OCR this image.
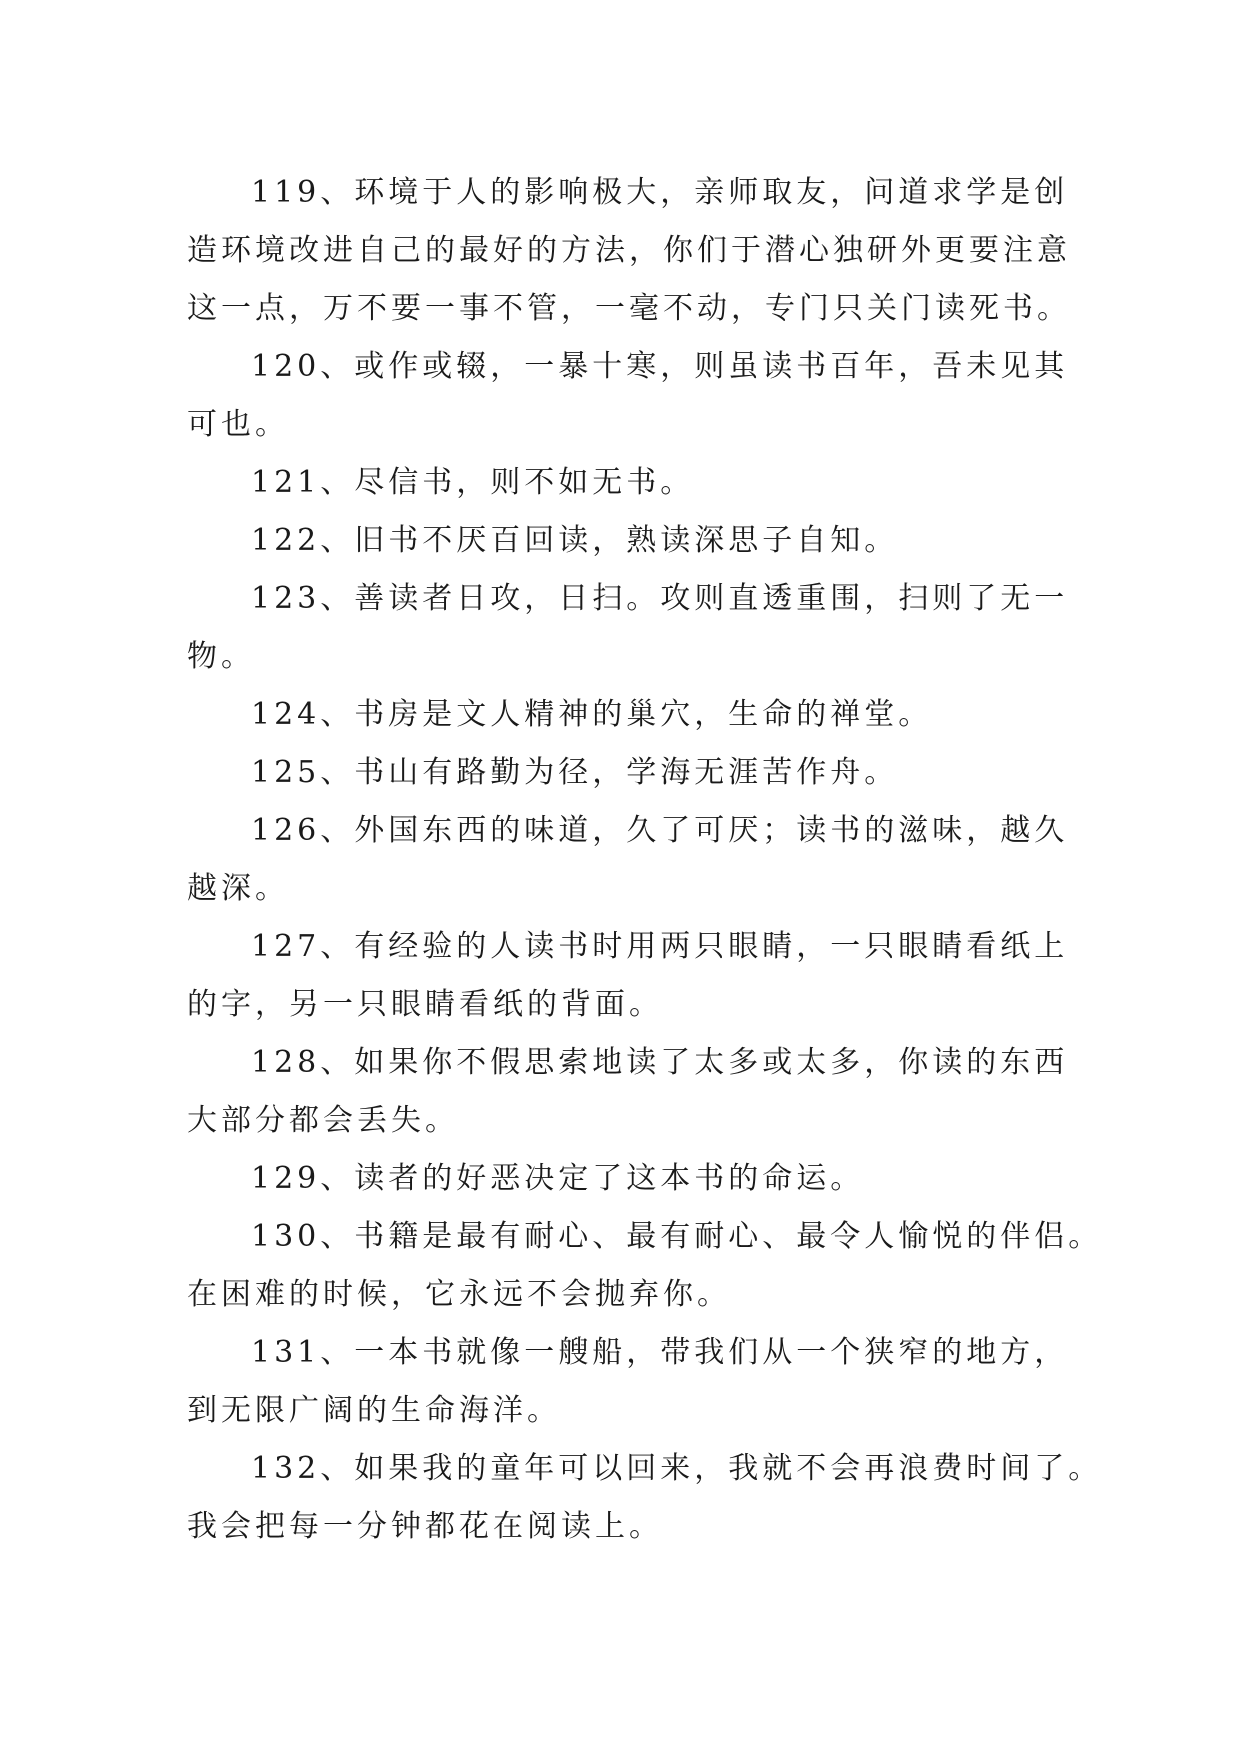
119、环境于人的影响极大，亲师取友，问道求学是创
造环境改进自己的最好的方法，你们于潜心独研外更要注意
这一点，万不要一事不管，一毫不动，专门只关门读死书。
120、或作或辍，一暴十寒，则虽读书百年，吾未见其
可也。
121、尽信书，则不如无书。
122、旧书不厌百回读，熟读深思子自知。
123、善读者日攻，日扫。攻则直透重围，扫则了无一
物。
124、书房是文人精神的巢穴，生命的禅堂。
125、书山有路勤为径，学海无涯苦作舟。
126、外国东西的味道，久了可厌；读书的滋味，越久
越深。
127、有经验的人读书时用两只眼睛，一只眼睛看纸上
的字，另一只眼睛看纸的背面。
128、如果你不假思索地读了太多或太多，你读的东西
大部分都会丢失。
129、读者的好恶决定了这本书的命运。
130、书籍是最有耐心、最有耐心、最令人愉悦的伴侣。
在困难的时候，它永远不会抛弃你。
131、一本书就像一艘船，带我们从一个狭窄的地方，
到无限广阔的生命海洋。
132、如果我的童年可以回来，我就不会再浪费时间了。
我会把每一分钟都花在阅读上。
